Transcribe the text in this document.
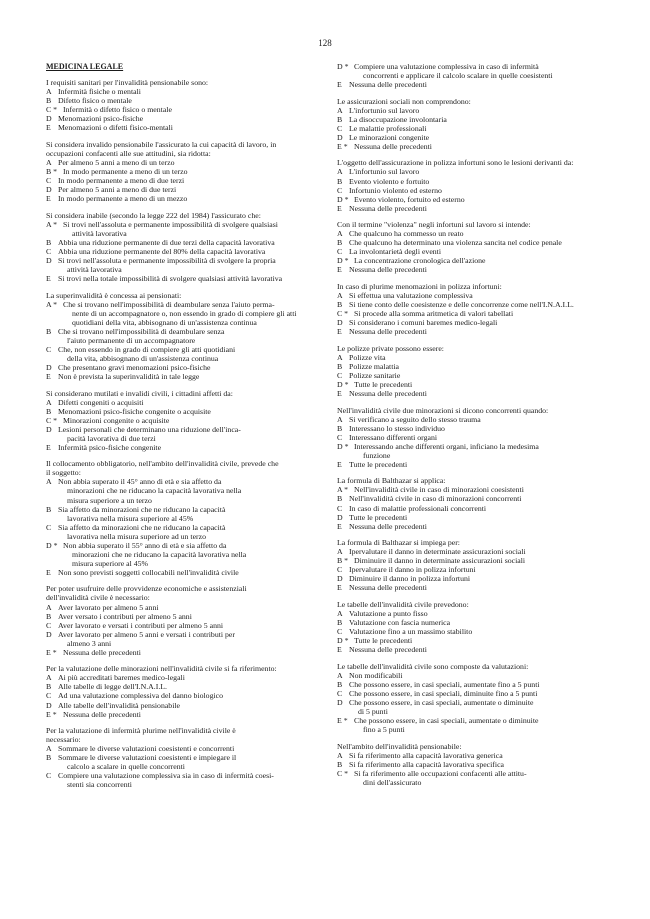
128
MEDICINA LEGALE
I requisiti sanitari per l'invalidità pensionabile sono:
A Infermità fisiche o mentali
B Difetto fisico o mentale
C * Infermità o difetto fisico o mentale
D Menomazioni psico-fisiche
E Menomazioni o difetti fisico-mentali
Si considera invalido pensionabile l'assicurato la cui capacità di lavoro, in
occupazioni confacenti alle sue attitudini, sia ridotta:
A Per almeno 5 anni a meno di un terzo
B * In modo permanente a meno di un terzo
C In modo permanente a meno di due terzi
D Per almeno 5 anni a meno di due terzi
E In modo permanente a meno di un mezzo
Si considera inabile (secondo la legge 222 del 1984) l'assicurato che:
A * Si trovi nell'assoluta e permanente impossibilità di svolgere qualsiasi
attività lavorativa
B Abbia una riduzione permanente di due terzi della capacità lavorativa
C Abbia una riduzione permanente del 80% della capacità lavorativa
D Si trovi nell'assoluta e permanente impossibilità di svolgere la propria
attività lavorativa
E Si trovi nella totale impossibilità di svolgere qualsiasi attività lavorativa
La superinvalidità è concessa ai pensionati:
A * Che si trovano nell'impossibilità di deambulare senza l'aiuto perma-
nente di un accompagnatore o, non essendo in grado di compiere gli atti
quotidiani della vita, abbisognano di un'assistenza continua
B Che si trovano nell'impossibilità di deambulare senza
l'aiuto permanente di un accompagnatore
C Che, non essendo in grado di compiere gli atti quotidiani
della vita, abbisognano di un'assistenza continua
D Che presentano gravi menomazioni psico-fisiche
E Non è prevista la superinvalidità in tale legge
Si considerano mutilati e invalidi civili, i cittadini affetti da:
A Difetti congeniti o acquisiti
B Menomazioni psico-fisiche congenite o acquisite
C * Minorazioni congenite o acquisite
D Lesioni personali che determinano una riduzione dell'inca-
pacità lavorativa di due terzi
E Infermità psico-fisiche congenite
Il collocamento obbligatorio, nell'ambito dell'invalidità civile, prevede che
il soggetto:
A Non abbia superato il 45° anno di età e sia affetto da
minorazioni che ne riducano la capacità lavorativa nella
misura superiore a un terzo
B Sia affetto da minorazioni che ne riducano la capacità
lavorativa nella misura superiore al 45%
C Sia affetto da minorazioni che ne riducano la capacità
lavorativa nella misura superiore ad un terzo
D * Non abbia superato il 55° anno di età e sia affetto da
minorazioni che ne riducano la capacità lavorativa nella
misura superiore al 45%
E Non sono previsti soggetti collocabili nell'invalidità civile
Per poter usufruire delle provvidenze economiche e assistenziali
dell'invalidità civile è necessario:
A Aver lavorato per almeno 5 anni
B Aver versato i contributi per almeno 5 anni
C Aver lavorato e versati i contributi per almeno 5 anni
D Aver lavorato per almeno 5 anni e versati i contributi per
almeno 3 anni
E * Nessuna delle precedenti
Per la valutazione delle minorazioni nell'invalidità civile si fa riferimento:
A Ai più accreditati baremes medico-legali
B Alle tabelle di legge dell'I.N.A.I.L.
C Ad una valutazione complessiva del danno biologico
D Alle tabelle dell'invalidità pensionabile
E * Nessuna delle precedenti
Per la valutazione di infermità plurime nell'invalidità civile è
necessario:
A Sommare le diverse valutazioni coesistenti e concorrenti
B Sommare le diverse valutazioni coesistenti e impiegare il
calcolo a scalare in quelle concorrenti
C Compiere una valutazione complessiva sia in caso di infermità coesi-
stenti sia concorrenti
D * Compiere una valutazione complessiva in caso di infermità
concorrenti e applicare il calcolo scalare in quelle coesistenti
E Nessuna delle precedenti
Le assicurazioni sociali non comprendono:
A L'infortunio sul lavoro
B La disoccupazione involontaria
C Le malattie professionali
D Le minorazioni congenite
E * Nessuna delle precedenti
L'oggetto dell'assicurazione in polizza infortuni sono le lesioni derivanti da:
A L'infortunio sul lavoro
B Evento violento e fortuito
C Infortunio violento ed esterno
D * Evento violento, fortuito ed esterno
E Nessuna delle precedenti
Con il termine "violenza" negli infortuni sul lavoro si intende:
A Che qualcuno ha commesso un reato
B Che qualcuno ha determinato una violenza sancita nel codice penale
C La involontarietà degli eventi
D * La concentrazione cronologica dell'azione
E Nessuna delle precedenti
In caso di plurime menomazioni in polizza infortuni:
A Si effettua una valutazione complessiva
B Si tiene conto delle coesistenze e delle concorrenze come nell'I.N.A.I.L.
C * Si procede alla somma aritmetica di valori tabellati
D Si considerano i comuni baremes medico-legali
E Nessuna delle precedenti
Le polizze private possono essere:
A Polizze vita
B Polizze malattia
C Polizze sanitarie
D * Tutte le precedenti
E Nessuna delle precedenti
Nell'invalidità civile due minorazioni si dicono concorrenti quando:
A Si verificano a seguito dello stesso trauma
B Interessano lo stesso individuo
C Interessano differenti organi
D * Interessando anche differenti organi, inficiano la medesima
funzione
E Tutte le precedenti
La formula di Balthazar si applica:
A * Nell'invalidità civile in caso di minorazioni coesistenti
B Nell'invalidità civile in caso di minorazioni concorrenti
C In caso di malattie professionali concorrenti
D Tutte le precedenti
E Nessuna delle precedenti
La formula di Balthazar si impiega per:
A Ipervalutare il danno in determinate assicurazioni sociali
B * Diminuire il danno in determinate assicurazioni sociali
C Ipervalutare il danno in polizza infortuni
D Diminuire il danno in polizza infortuni
E Nessuna delle precedenti
Le tabelle dell'invalidità civile prevedono:
A Valutazione a punto fisso
B Valutazione con fascia numerica
C Valutazione fino a un massimo stabilito
D * Tutte le precedenti
E Nessuna delle precedenti
Le tabelle dell'invalidità civile sono composte da valutazioni:
A Non modificabili
B Che possono essere, in casi speciali, aumentate fino a 5 punti
C Che possono essere, in casi speciali, diminuite fino a 5 punti
D Che possono essere, in casi speciali, aumentate o diminuite
di 5 punti
E * Che possono essere, in casi speciali, aumentate o diminuite
fino a 5 punti
Nell'ambito dell'invalidità pensionabile:
A Si fa riferimento alla capacità lavorativa generica
B Si fa riferimento alla capacità lavorativa specifica
C * Si fa riferimento alle occupazioni confacenti alle attitu-
dini dell'assicurato
